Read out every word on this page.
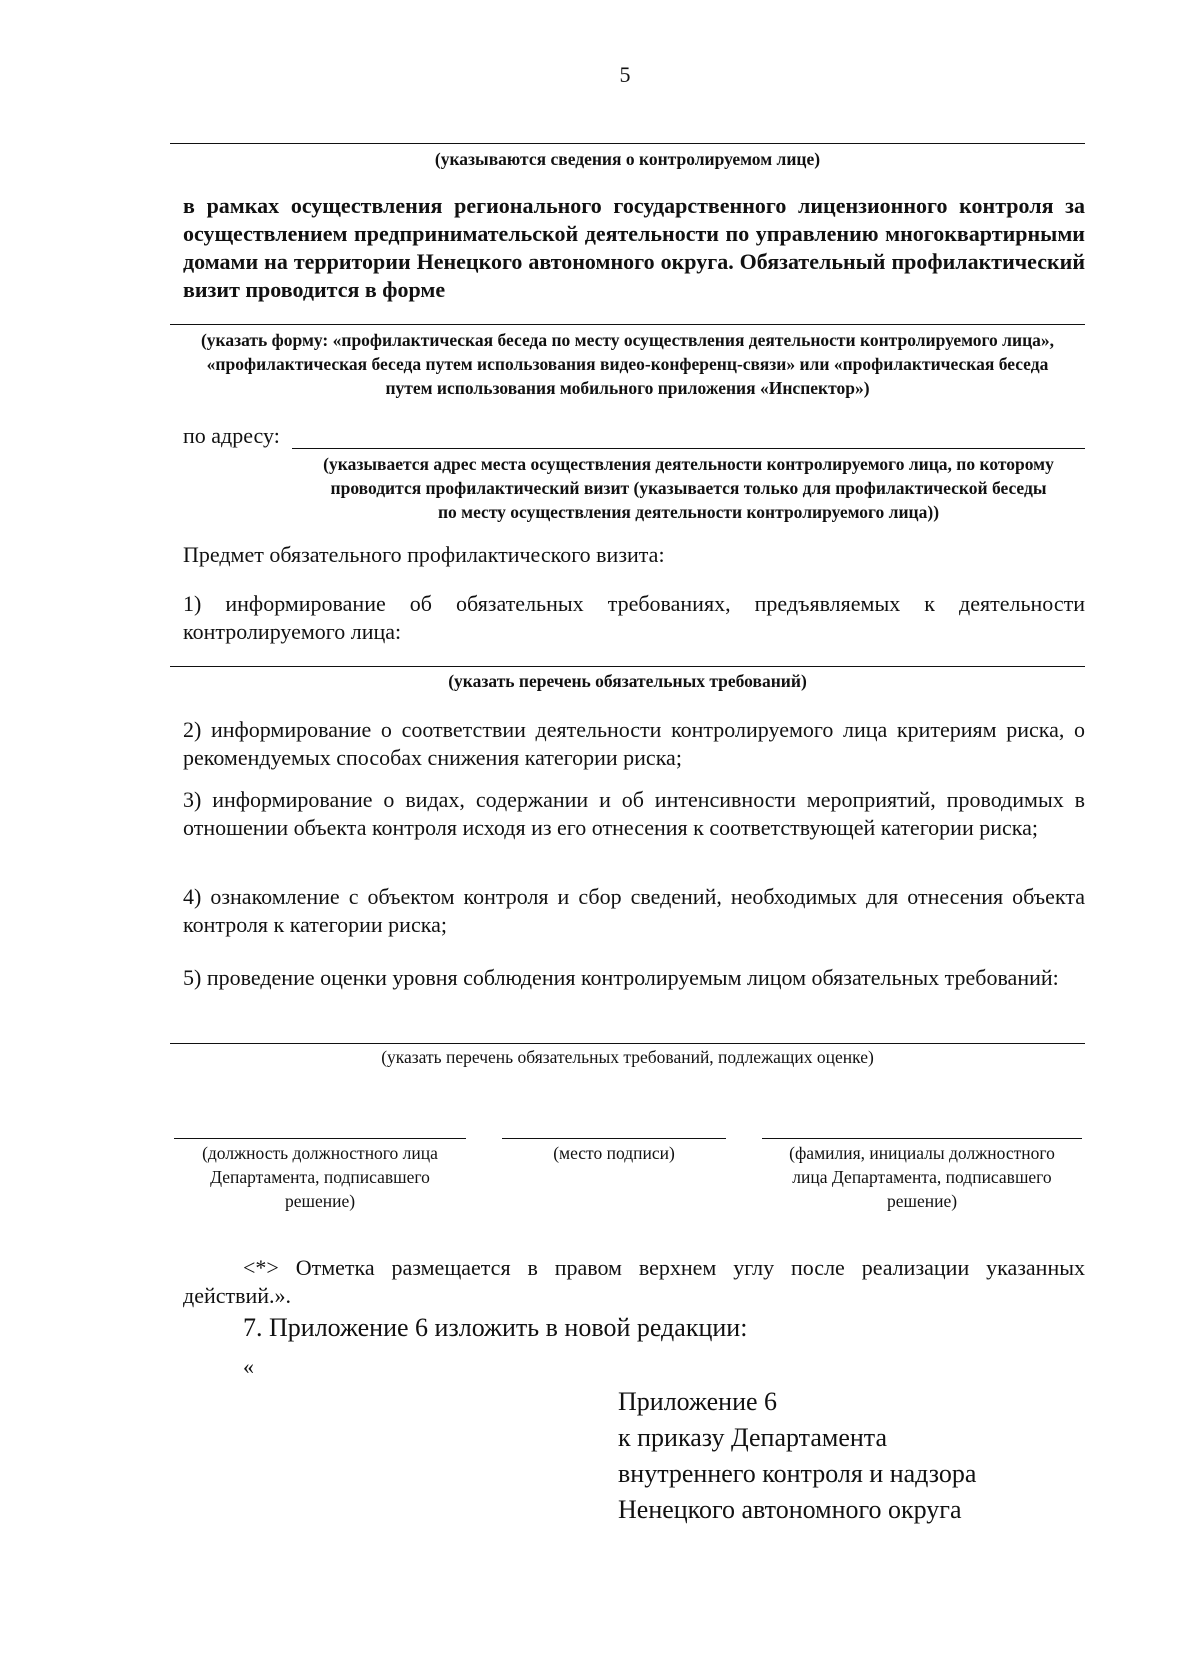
5
(указываются сведения о контролируемом лице)
в рамках осуществления регионального государственного лицензионного контроля за осуществлением предпринимательской деятельности по управлению многоквартирными домами на территории Ненецкого автономного округа. Обязательный профилактический визит проводится в форме
(указать форму: «профилактическая беседа по месту осуществления деятельности контролируемого лица»,
«профилактическая беседа путем использования видео-конференц-связи» или «профилактическая беседа
путем использования мобильного приложения «Инспектор»)
по адресу:
(указывается адрес места осуществления деятельности контролируемого лица, по которому
проводится профилактический визит (указывается только для профилактической беседы
по месту осуществления деятельности контролируемого лица))
Предмет обязательного профилактического визита:
1) информирование об обязательных требованиях, предъявляемых к деятельности контролируемого лица:
(указать перечень обязательных требований)
2) информирование о соответствии деятельности контролируемого лица критериям риска, о рекомендуемых способах снижения категории риска;
3) информирование о видах, содержании и об интенсивности мероприятий, проводимых в отношении объекта контроля исходя из его отнесения к соответствующей категории риска;
4) ознакомление с объектом контроля и сбор сведений, необходимых для отнесения объекта контроля к категории риска;
5) проведение оценки уровня соблюдения контролируемым лицом обязательных требований:
(указать перечень обязательных требований, подлежащих оценке)
(должность должностного лица
Департамента, подписавшего
решение)
(место подписи)	(фамилия, инициалы должностного
лица Департамента, подписавшего
решение)
<*> Отметка размещается в правом верхнем углу после реализации указанных действий.».
7. Приложение 6 изложить в новой редакции:
«
Приложение 6
к приказу Департамента
внутреннего контроля и надзора
Ненецкого автономного округа
